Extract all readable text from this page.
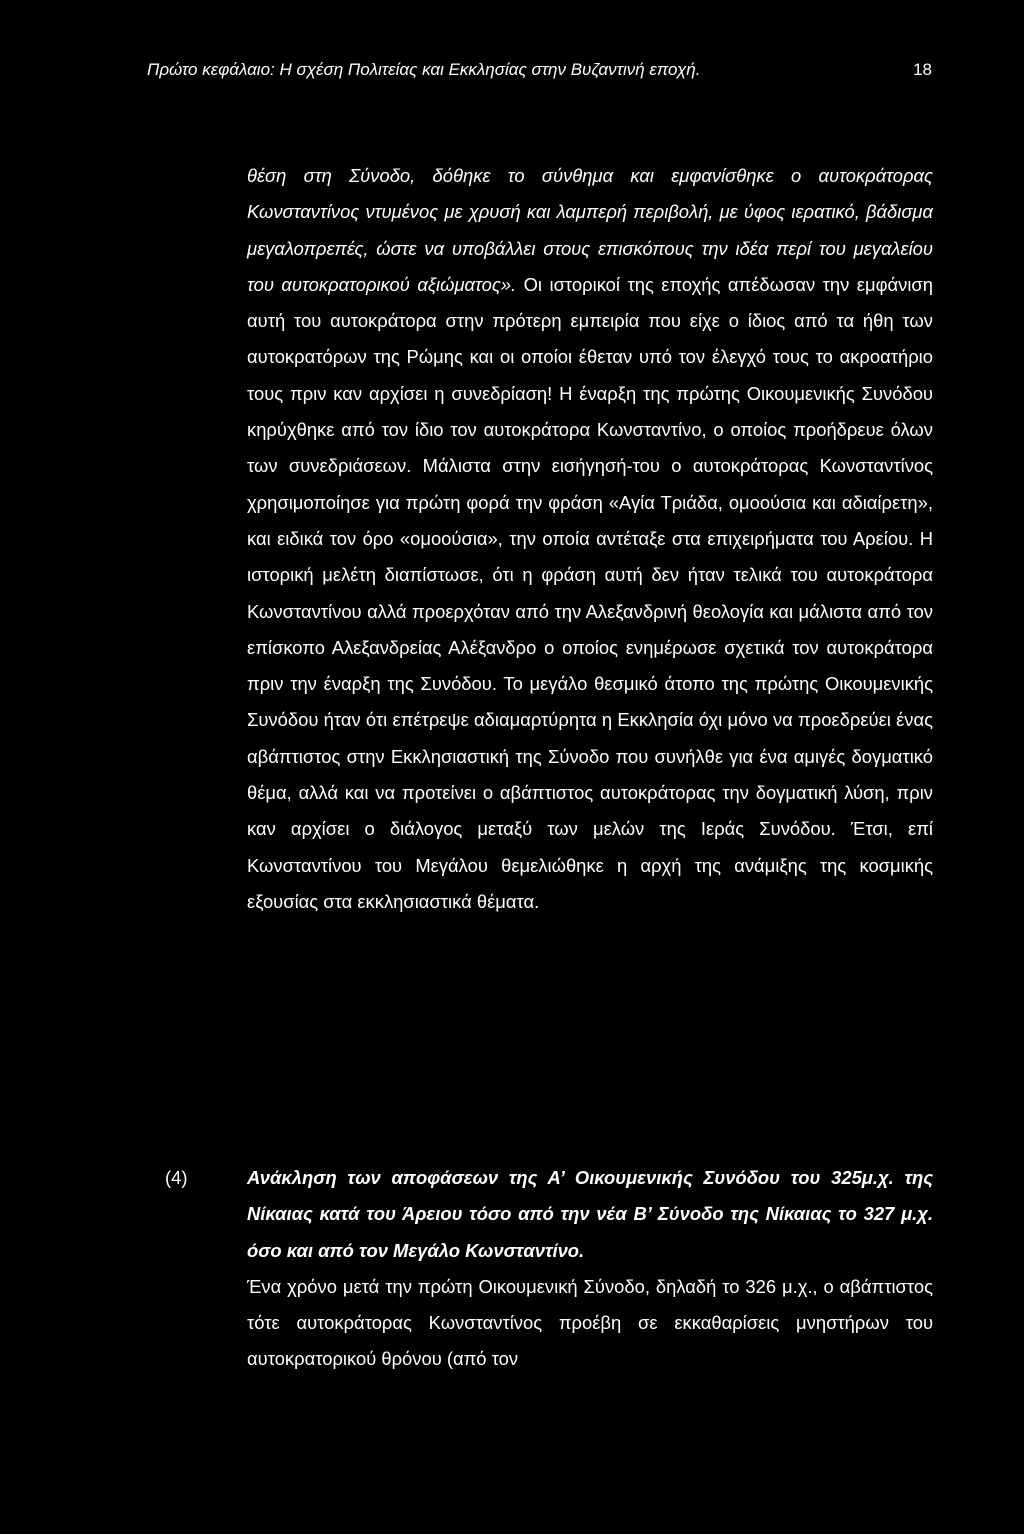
Πρώτο κεφάλαιο: Η σχέση Πολιτείας και Εκκλησίας στην Βυζαντινή εποχή.	18

θέση στη Σύνοδο, δόθηκε το σύνθημα και εμφανίσθηκε ο αυτοκράτορας Κωνσταντίνος ντυμένος με χρυσή και λαμπερή περιβολή, με ύφος ιερατικό, βάδισμα μεγαλοπρεπές, ώστε να υποβάλλει στους επισκόπους την ιδέα περί του μεγαλείου του αυτοκρατορικού αξιώματος». Οι ιστορικοί της εποχής απέδωσαν την εμφάνιση αυτή του αυτοκράτορα στην πρότερη εμπειρία που είχε ο ίδιος από τα ήθη των αυτοκρατόρων της Ρώμης και οι οποίοι έθεταν υπό τον έλεγχό τους το ακροατήριο τους πριν καν αρχίσει η συνεδρίαση! Η έναρξη της πρώτης Οικουμενικής Συνόδου κηρύχθηκε από τον ίδιο τον αυτοκράτορα Κωνσταντίνο, ο οποίος προήδρευε όλων των συνεδριάσεων. Μάλιστα στην εισήγησή-του ο αυτοκράτορας Κωνσταντίνος χρησιμοποίησε για πρώτη φορά την φράση «Αγία Τριάδα, ομοούσια και αδιαίρετη», και ειδικά τον όρο «ομοούσια», την οποία αντέταξε στα επιχειρήματα του Αρείου. Η ιστορική μελέτη διαπίστωσε, ότι η φράση αυτή δεν ήταν τελικά του αυτοκράτορα Κωνσταντίνου αλλά προερχόταν από την Αλεξανδρινή θεολογία και μάλιστα από τον επίσκοπο Αλεξανδρείας Αλέξανδρο ο οποίος ενημέρωσε σχετικά τον αυτοκράτορα πριν την έναρξη της Συνόδου. Το μεγάλο θεσμικό άτοπο της πρώτης Οικουμενικής Συνόδου ήταν ότι επέτρεψε αδιαμαρτύρητα η Εκκλησία όχι μόνο να προεδρεύει ένας αβάπτιστος στην Εκκλησιαστική της Σύνοδο που συνήλθε για ένα αμιγές δογματικό θέμα, αλλά και να προτείνει ο αβάπτιστος αυτοκράτορας την δογματική λύση, πριν καν αρχίσει ο διάλογος μεταξύ των μελών της Ιεράς Συνόδου. Έτσι, επί Κωνσταντίνου του Μεγάλου θεμελιώθηκε η αρχή της ανάμιξης της κοσμικής εξουσίας στα εκκλησιαστικά θέματα.

(4)	Ανάκληση των αποφάσεων της Α’ Οικουμενικής Συνόδου του 325μ.χ. της Νίκαιας κατά του Άρειου τόσο από την νέα Β’ Σύνοδο της Νίκαιας το 327 μ.χ. όσο και από τον Μεγάλο Κωνσταντίνο.

Ένα χρόνο μετά την πρώτη Οικουμενική Σύνοδο, δηλαδή το 326 μ.χ., ο αβάπτιστος τότε αυτοκράτορας Κωνσταντίνος προέβη σε εκκαθαρίσεις μνηστήρων του αυτοκρατορικού θρόνου (από τον
